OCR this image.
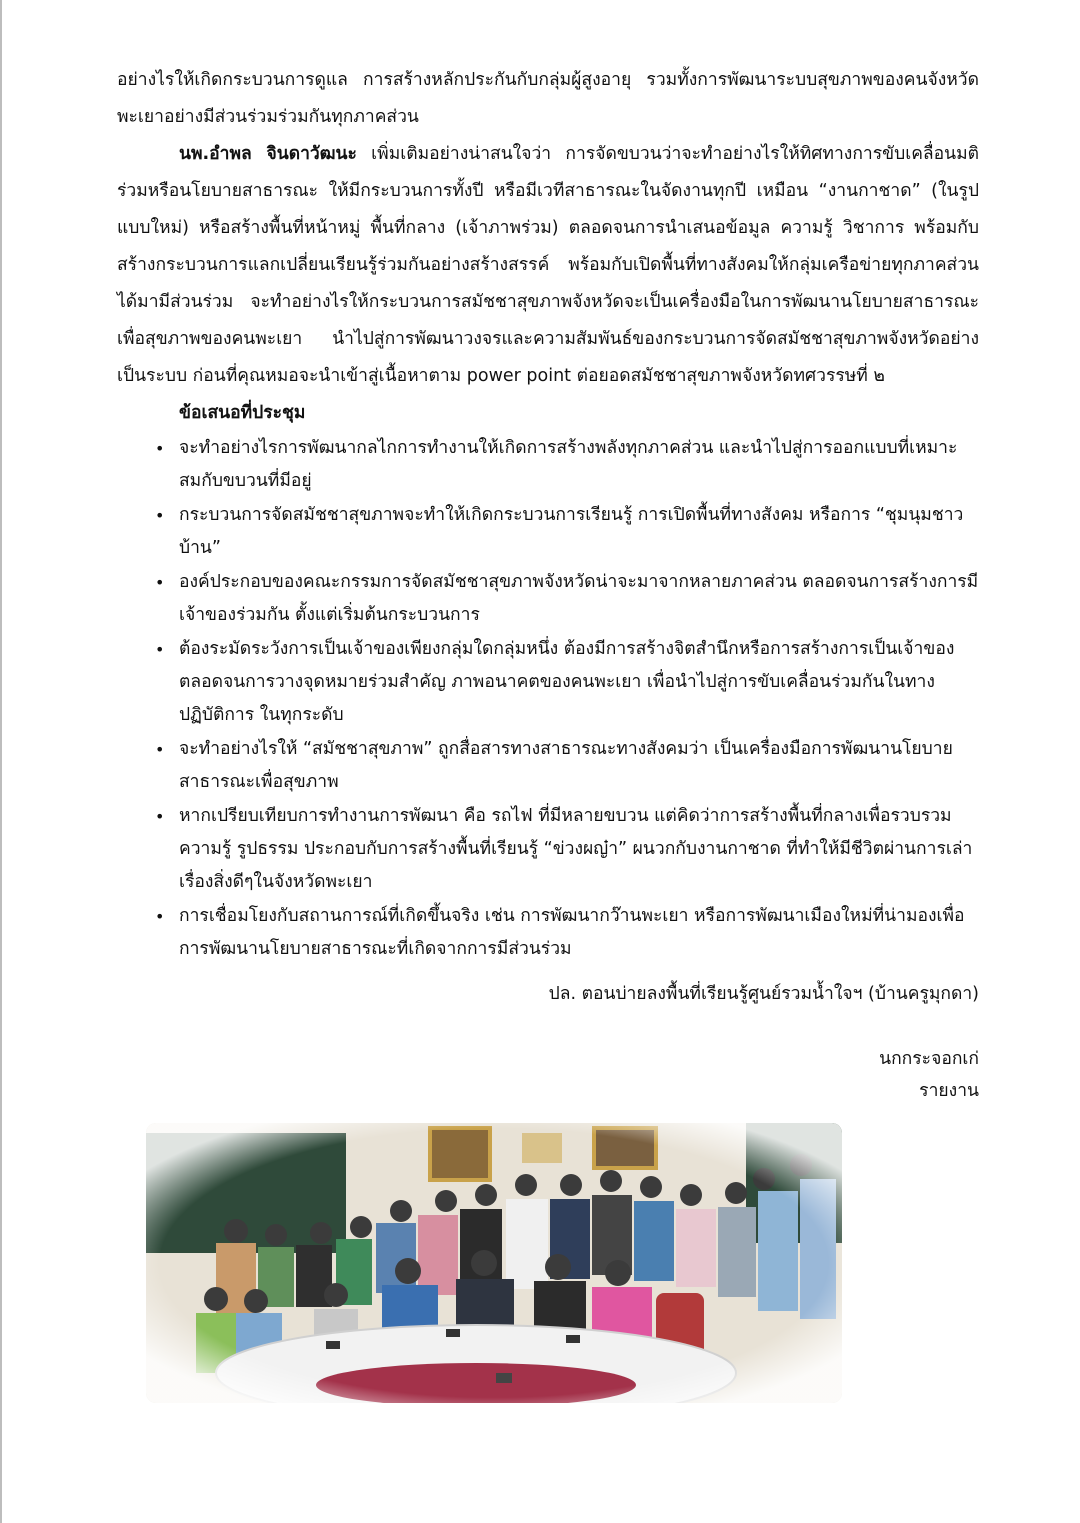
อย่างไรให้เกิดกระบวนการดูแล การสร้างหลักประกันกับกลุ่มผู้สูงอายุ รวมทั้งการพัฒนาระบบสุขภาพของคนจังหวัดพะเยาอย่างมีส่วนร่วมร่วมกันทุกภาคส่วน

นพ.อำพล จินดาวัฒนะ เพิ่มเติมอย่างน่าสนใจว่า การจัดขบวนว่าจะทำอย่างไรให้ทิศทางการขับเคลื่อนมติร่วมหรือนโยบายสาธารณะ ให้มีกระบวนการทั้งปี หรือมีเวทีสาธารณะในจัดงานทุกปี เหมือน “งานกาชาด” (ในรูปแบบใหม่) หรือสร้างพื้นที่หน้าหมู่ พื้นที่กลาง (เจ้าภาพร่วม) ตลอดจนการนำเสนอข้อมูล ความรู้ วิชาการ พร้อมกับสร้างกระบวนการแลกเปลี่ยนเรียนรู้ร่วมกันอย่างสร้างสรรค์ พร้อมกับเปิดพื้นที่ทางสังคมให้กลุ่มเครือข่ายทุกภาคส่วนได้มามีส่วนร่วม จะทำอย่างไรให้กระบวนการสมัชชาสุขภาพจังหวัดจะเป็นเครื่องมือในการพัฒนานโยบายสาธารณะเพื่อสุขภาพของคนพะเยา นำไปสู่การพัฒนาวงจรและความสัมพันธ์ของกระบวนการจัดสมัชชาสุขภาพจังหวัดอย่างเป็นระบบ ก่อนที่คุณหมอจะนำเข้าสู่เนื้อหาตาม power point ต่อยอดสมัชชาสุขภาพจังหวัดทศวรรษที่ ๒

ข้อเสนอที่ประชุม

• จะทำอย่างไรการพัฒนากลไกการทำงานให้เกิดการสร้างพลังทุกภาคส่วน และนำไปสู่การออกแบบที่เหมาะสมกับขบวนที่มีอยู่
• กระบวนการจัดสมัชชาสุขภาพจะทำให้เกิดกระบวนการเรียนรู้ การเปิดพื้นที่ทางสังคม หรือการ “ชุมนุมชาวบ้าน”
• องค์ประกอบของคณะกรรมการจัดสมัชชาสุขภาพจังหวัดน่าจะมาจากหลายภาคส่วน ตลอดจนการสร้างการมีเจ้าของร่วมกัน ตั้งแต่เริ่มต้นกระบวนการ
• ต้องระมัดระวังการเป็นเจ้าของเพียงกลุ่มใดกลุ่มหนึ่ง ต้องมีการสร้างจิตสำนึกหรือการสร้างการเป็นเจ้าของตลอดจนการวางจุดหมายร่วมสำคัญ ภาพอนาคตของคนพะเยา เพื่อนำไปสู่การขับเคลื่อนร่วมกันในทางปฏิบัติการ ในทุกระดับ
• จะทำอย่างไรให้ “สมัชชาสุขภาพ” ถูกสื่อสารทางสาธารณะทางสังคมว่า เป็นเครื่องมือการพัฒนานโยบายสาธารณะเพื่อสุขภาพ
• หากเปรียบเทียบการทำงานการพัฒนา คือ รถไฟ ที่มีหลายขบวน แต่คิดว่าการสร้างพื้นที่กลางเพื่อรวบรวมความรู้ รูปธรรม ประกอบกับการสร้างพื้นที่เรียนรู้ “ข่วงผญ๋า” ผนวกกับงานกาชาด ที่ทำให้มีชีวิตผ่านการเล่าเรื่องสิ่งดีๆในจังหวัดพะเยา
• การเชื่อมโยงกับสถานการณ์ที่เกิดขึ้นจริง เช่น การพัฒนากว๊านพะเยา หรือการพัฒนาเมืองใหม่ที่น่ามองเพื่อการพัฒนานโยบายสาธารณะที่เกิดจากการมีส่วนร่วม

ปล. ตอนบ่ายลงพื้นที่เรียนรู้ศูนย์รวมน้ำใจฯ (บ้านครูมุกดา)

นกกระจอกเก่
รายงาน
